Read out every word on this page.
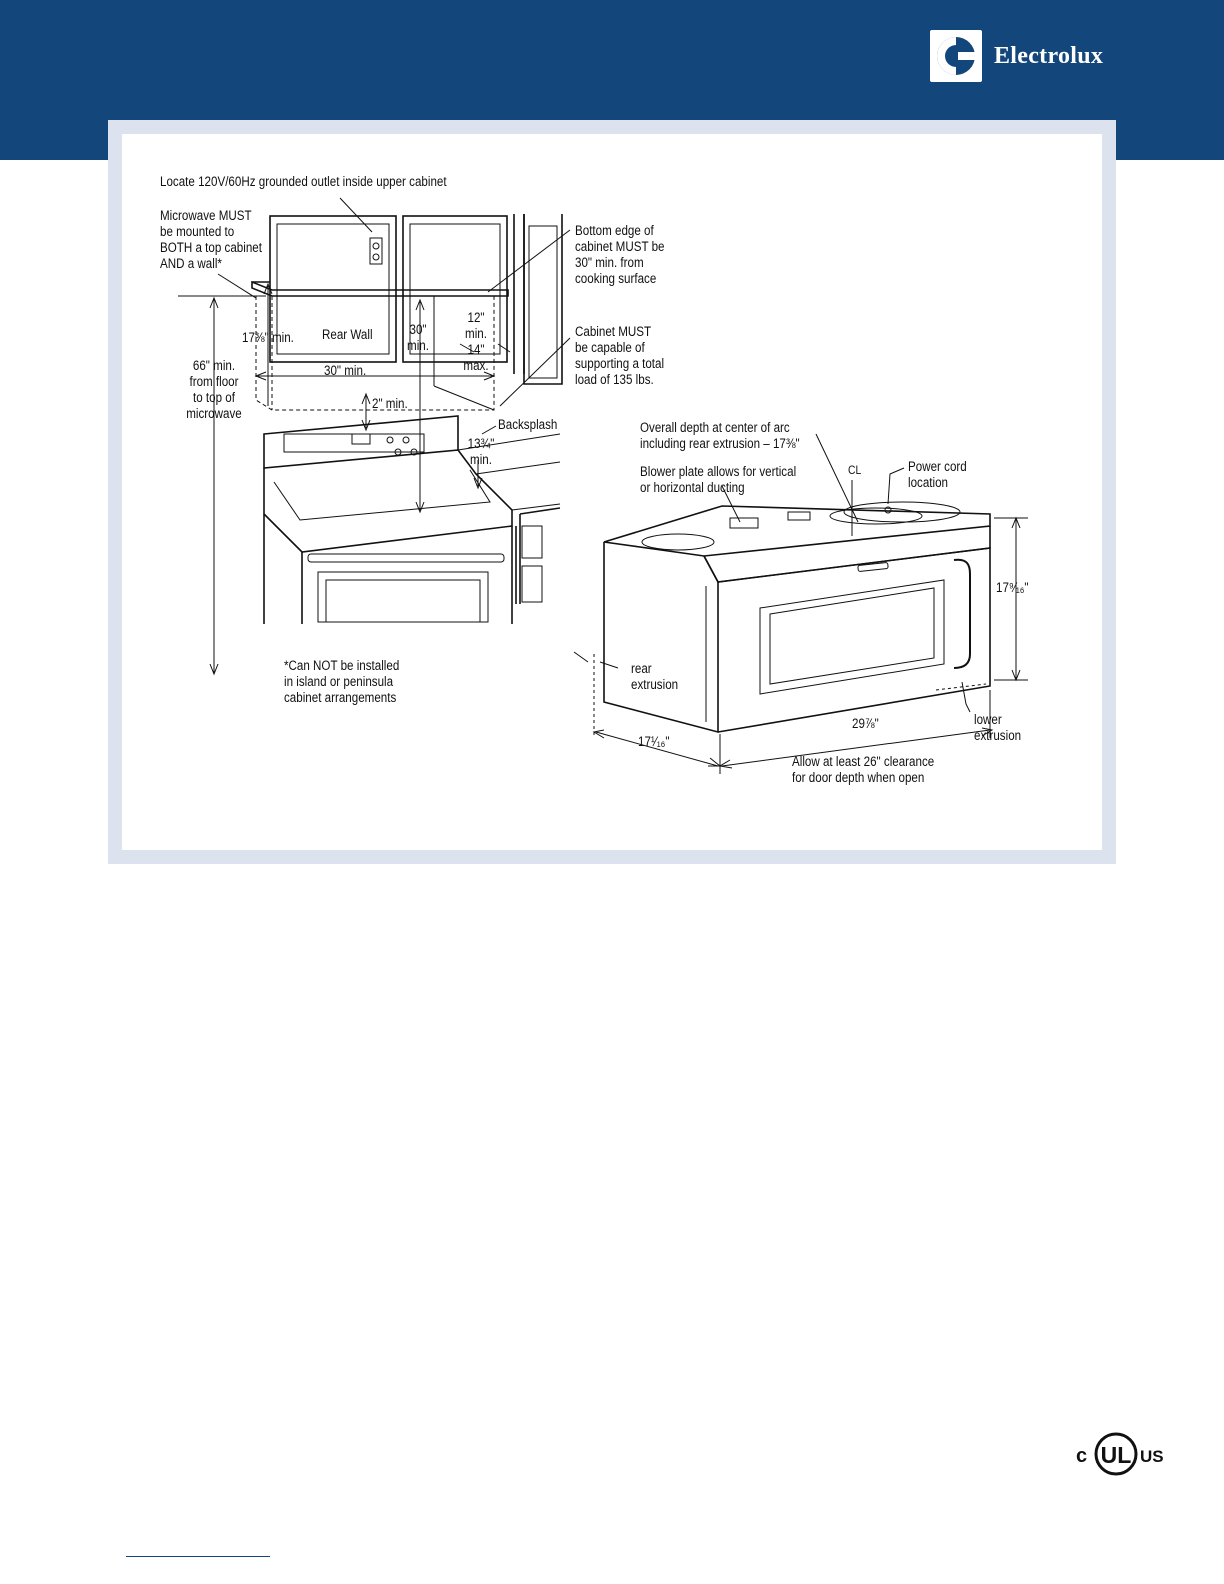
Electrolux
Locate 120V/60Hz grounded outlet inside upper cabinet
Microwave MUST
be mounted to
BOTH a top cabinet
AND a wall*
Bottom edge of
cabinet MUST be
30" min. from
cooking surface
Cabinet MUST
be capable of
supporting a total
load of 135 lbs.
66" min.
from floor
to top of
microwave
17⅜" min. Rear Wall
30" min.
30"
min.
12"
min.
14"
max.
2" min.
Backsplash
13¾"
min.
*Can NOT be installed
in island or peninsula
cabinet arrangements
Overall depth at center of arc
including rear extrusion – 17⅜"
Blower plate allows for vertical
or horizontal ducting
CL	Power cord
location
17⁹⁄₁₆"
rear
extrusion
29⅞"	lower
extrusion
17¹⁄₁₆"
Allow at least 26" clearance
for door depth when open
c UL US
